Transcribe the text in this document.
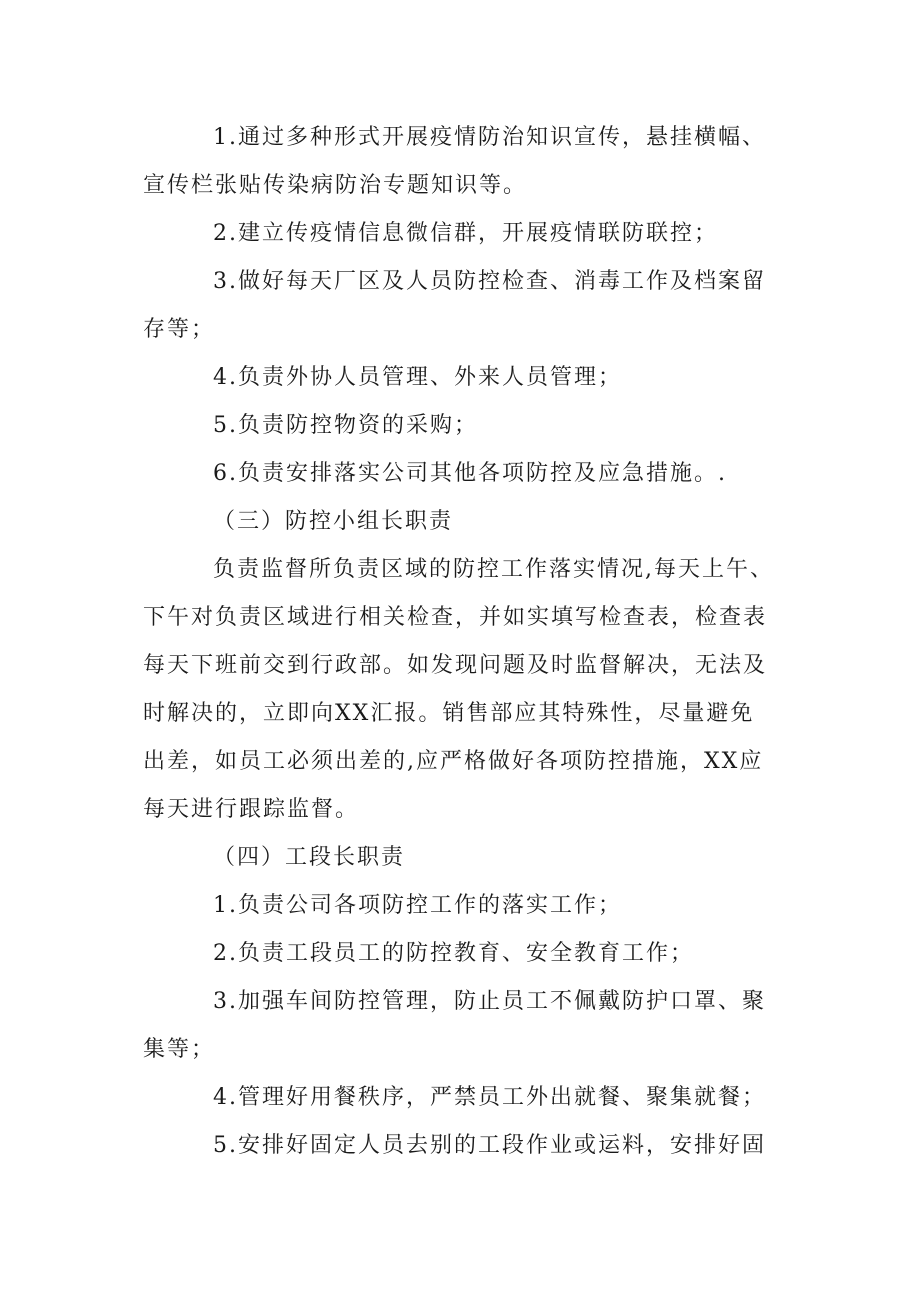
1.通过多种形式开展疫情防治知识宣传，悬挂横幅、
宣传栏张贴传染病防治专题知识等。
2.建立传疫情信息微信群，开展疫情联防联控；
3.做好每天厂区及人员防控检查、消毒工作及档案留
存等；
4.负责外协人员管理、外来人员管理；
5.负责防控物资的采购；
6.负责安排落实公司其他各项防控及应急措施。.
（三）防控小组长职责
负责监督所负责区域的防控工作落实情况,每天上午、
下午对负责区域进行相关检查，并如实填写检查表，检查表
每天下班前交到行政部。如发现问题及时监督解决，无法及
时解决的，立即向XX汇报。销售部应其特殊性，尽量避免
出差，如员工必须出差的,应严格做好各项防控措施，XX应
每天进行跟踪监督。
（四）工段长职责
1.负责公司各项防控工作的落实工作；
2.负责工段员工的防控教育、安全教育工作；
3.加强车间防控管理，防止员工不佩戴防护口罩、聚
集等；
4.管理好用餐秩序，严禁员工外出就餐、聚集就餐；
5.安排好固定人员去别的工段作业或运料，安排好固
